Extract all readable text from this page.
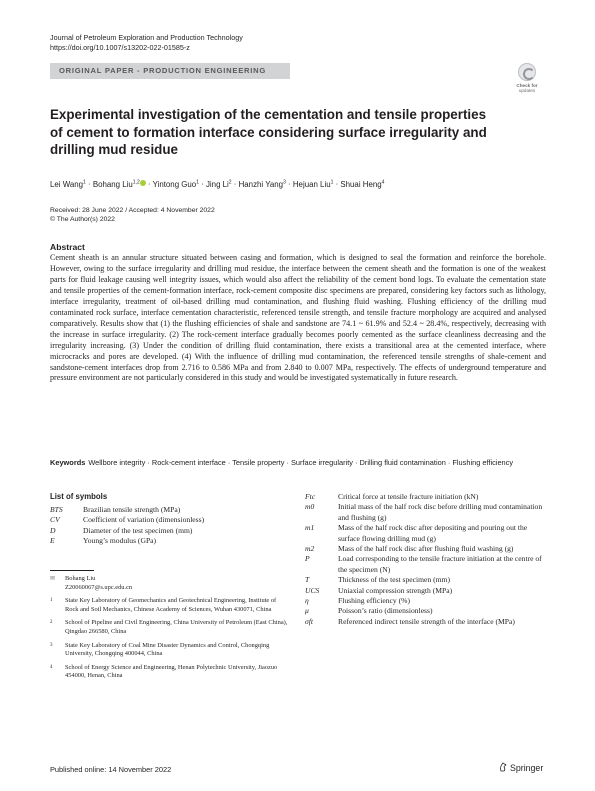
Journal of Petroleum Exploration and Production Technology
https://doi.org/10.1007/s13202-022-01585-z
ORIGINAL PAPER - PRODUCTION ENGINEERING
Check for
updates
Experimental investigation of the cementation and tensile properties of cement to formation interface considering surface irregularity and drilling mud residue
Lei Wang$^1$ · Bohang Liu$^{1,2}$ · Yintong Guo$^1$ · Jing $Li^2$ · Hanzhi Yang$^3$ · Hejuan Liu$^1$ · Shuai Heng$^4$
Received: 28 June 2022 / Accepted: 4 November 2022
© The Author(s) 2022
Abstract

Cement sheath is an annular structure situated between casing and formation, which is designed to seal the formation and reinforce the borehole. However, owing to the surface irregularity and drilling mud residue, the interface between the cement sheath and the formation is one of the weakest parts for fluid leakage causing well integrity issues, which would also affect the reliability of the cement bond logs. To evaluate the cementation state and tensile properties of the cement-formation interface, rock-cement composite disc specimens are prepared, considering key factors such as lithology, interface irregularity, treatment of oil-based drilling mud contamination, and flushing fluid washing. Flushing efficiency of the drilling mud contaminated rock surface, interface cementation characteristic, referenced tensile strength, and tensile fracture morphology are acquired and analysed comparatively. Results show that (1) the flushing efficiencies of shale and sandstone are 74.1 ~ 61.9% and 52.4 ~ 28.4%, respectively, decreasing with the increase in surface irregularity. (2) The rock-cement interface gradually becomes poorly cemented as the surface cleanliness decreasing and the irregularity increasing. (3) Under the condition of drilling fluid contamination, there exists a transitional area at the cemented interface, where microcracks and pores are developed. (4) With the influence of drilling mud contamination, the referenced tensile strengths of shale-cement and sandstone-cement interfaces drop from 2.716 to 0.586 MPa and from 2.840 to 0.007 MPa, respectively. The effects of underground temperature and pressure environment are not particularly considered in this study and would be investigated systematically in future research.

Keywords Wellbore integrity · Rock-cement interface · Tensile property · Surface irregularity · Drilling fluid contamination · Flushing efficiency
List of symbols
BTS	Brazilian tensile strength (MPa)
CV	Coefficient of variation (dimensionless)
D	Diameter of the test specimen (mm)
E	Young’s modulus (GPa)
Ftc	Critical force at tensile fracture initiation (kN)
m0	Initial mass of the half rock disc before drilling mud contamination and flushing (g)
m1	Mass of the half rock disc after depositing and pouring out the surface flowing drilling mud (g)
m2	Mass of the half rock disc after flushing fluid washing (g)
P	Load corresponding to the tensile fracture initiation at the centre of the specimen (N)
T	Thickness of the test specimen (mm)
UCS	Uniaxial compression strength (MPa)
η	Flushing efficiency (%)
μ	Poisson’s ratio (dimensionless)
σft	Referenced indirect tensile strength of the interface (MPa)
✉	Bohang Liu
Z20060067@s.upc.edu.cn
1	State Key Laboratory of Geomechanics and Geotechnical Engineering, Institute of Rock and Soil Mechanics, Chinese Academy of Sciences, Wuhan 430071, China
2	School of Pipeline and Civil Engineering, China University of Petroleum (East China), Qingdao 266580, China
3	State Key Laboratory of Coal Mine Disaster Dynamics and Control, Chongqing University, Chongqing 400044, China
4	School of Energy Science and Engineering, Henan Polytechnic University, Jiaozuo 454000, Henan, China
Published online: 14 November 2022	Springer
